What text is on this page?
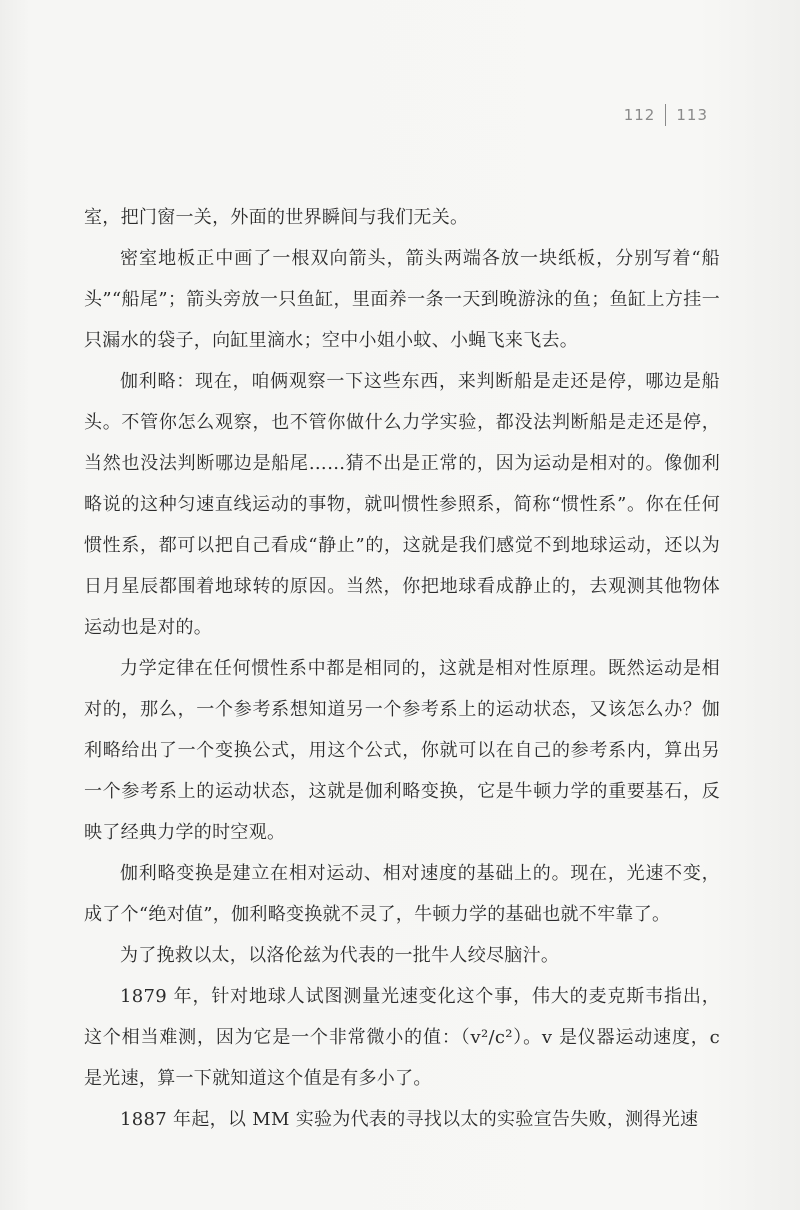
112 113

室，把门窗一关，外面的世界瞬间与我们无关。

密室地板正中画了一根双向箭头，箭头两端各放一块纸板，分别写着“船头”“船尾”；箭头旁放一只鱼缸，里面养一条一天到晚游泳的鱼；鱼缸上方挂一只漏水的袋子，向缸里滴水；空中小姐小蚊、小蝇飞来飞去。

伽利略：现在，咱俩观察一下这些东西，来判断船是走还是停，哪边是船头。不管你怎么观察，也不管你做什么力学实验，都没法判断船是走还是停，当然也没法判断哪边是船尾……猜不出是正常的，因为运动是相对的。像伽利略说的这种匀速直线运动的事物，就叫惯性参照系，简称“惯性系”。你在任何惯性系，都可以把自己看成“静止”的，这就是我们感觉不到地球运动，还以为日月星辰都围着地球转的原因。当然，你把地球看成静止的，去观测其他物体运动也是对的。

力学定律在任何惯性系中都是相同的，这就是相对性原理。既然运动是相对的，那么，一个参考系想知道另一个参考系上的运动状态，又该怎么办？伽利略给出了一个变换公式，用这个公式，你就可以在自己的参考系内，算出另一个参考系上的运动状态，这就是伽利略变换，它是牛顿力学的重要基石，反映了经典力学的时空观。

伽利略变换是建立在相对运动、相对速度的基础上的。现在，光速不变，成了个“绝对值”，伽利略变换就不灵了，牛顿力学的基础也就不牢靠了。

为了挽救以太，以洛伦兹为代表的一批牛人绞尽脑汁。

1879 年，针对地球人试图测量光速变化这个事，伟大的麦克斯韦指出，这个相当难测，因为它是一个非常微小的值：（v²/c²）。v 是仪器运动速度，c 是光速，算一下就知道这个值是有多小了。

1887 年起，以 MM 实验为代表的寻找以太的实验宣告失败，测得光速
